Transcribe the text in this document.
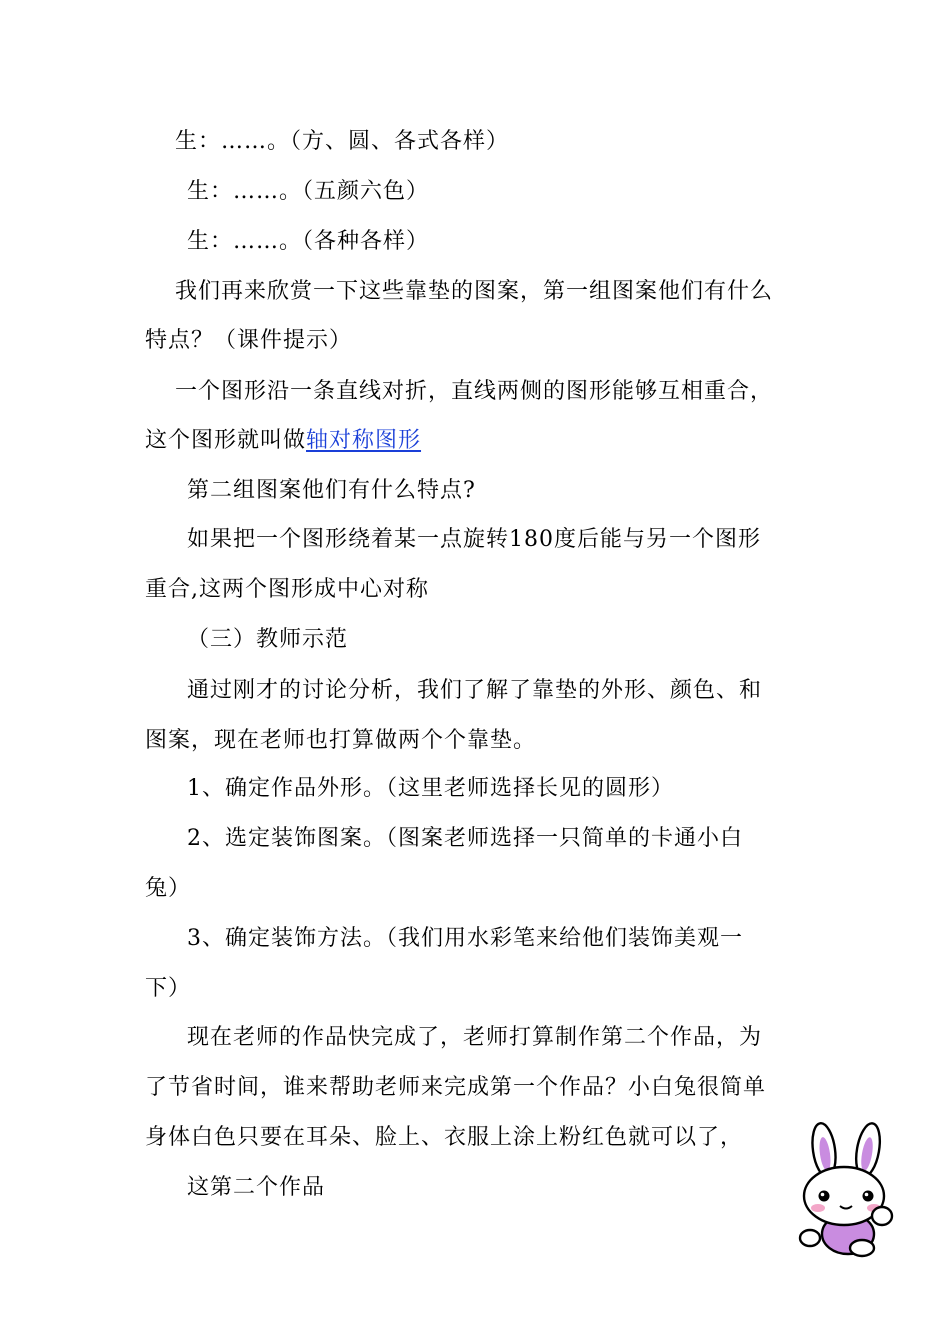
生：……。（方、圆、各式各样）
生：……。（五颜六色）
生：……。（各种各样）
我们再来欣赏一下这些靠垫的图案，第一组图案他们有什么
特点？（课件提示）
一个图形沿一条直线对折，直线两侧的图形能够互相重合，
这个图形就叫做轴对称图形
第二组图案他们有什么特点?
如果把一个图形绕着某一点旋转180度后能与另一个图形
重合,这两个图形成中心对称
（三）教师示范
通过刚才的讨论分析，我们了解了靠垫的外形、颜色、和
图案，现在老师也打算做两个个靠垫。
1、确定作品外形。（这里老师选择长见的圆形）
2、选定装饰图案。（图案老师选择一只简单的卡通小白
兔）
3、确定装饰方法。（我们用水彩笔来给他们装饰美观一
下）
现在老师的作品快完成了，老师打算制作第二个作品，为
了节省时间，谁来帮助老师来完成第一个作品？小白兔很简单
身体白色只要在耳朵、脸上、衣服上涂上粉红色就可以了，
这第二个作品
